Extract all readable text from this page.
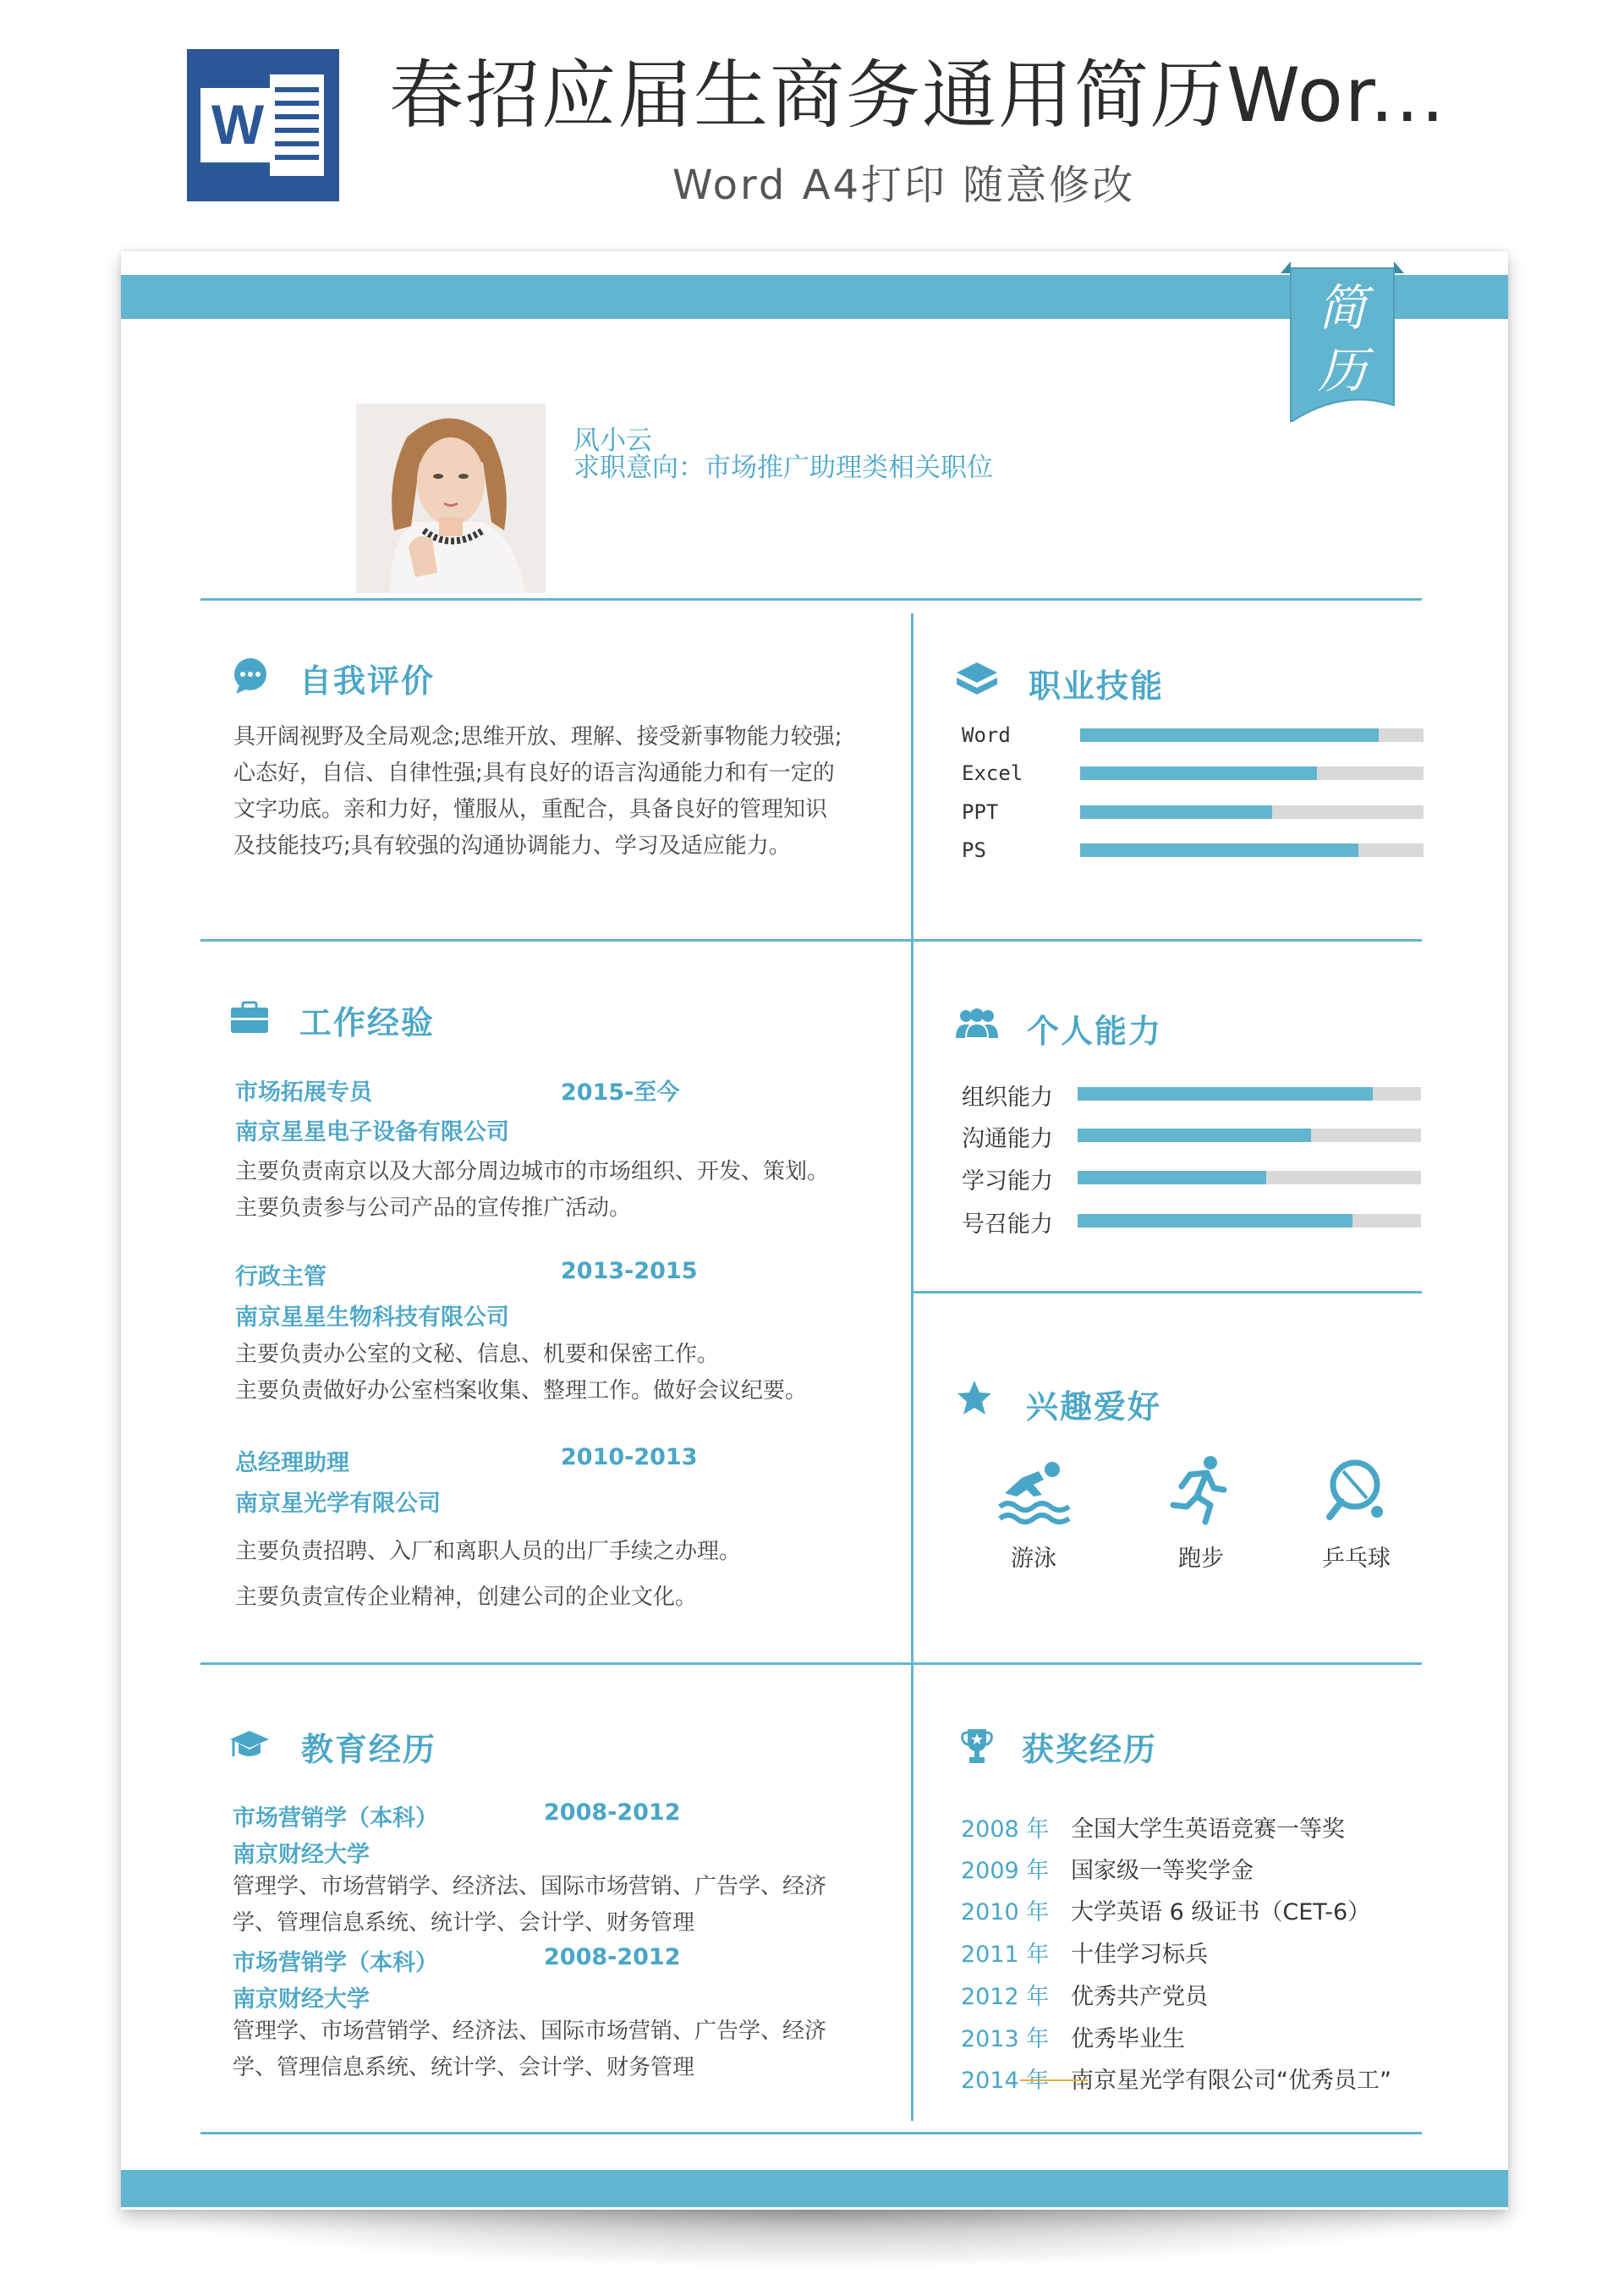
W 春招应届生商务通用简历Wor...
Word A4打印 随意修改
简
历
风小云
求职意向：市场推广助理类相关职位
自我评价
具开阔视野及全局观念;思维开放、理解、接受新事物能力较强;
心态好，自信、自律性强;具有良好的语言沟通能力和有一定的
文字功底。亲和力好，懂服从，重配合，具备良好的管理知识
及技能技巧;具有较强的沟通协调能力、学习及适应能力。
职业技能
Word
Excel
PPT
PS
工作经验
市场拓展专员	2015-至今
南京星星电子设备有限公司
主要负责南京以及大部分周边城市的市场组织、开发、策划。
主要负责参与公司产品的宣传推广活动。
行政主管	2013-2015
南京星星生物科技有限公司
主要负责办公室的文秘、信息、机要和保密工作。
主要负责做好办公室档案收集、整理工作。做好会议纪要。
总经理助理	2010-2013
南京星光学有限公司
主要负责招聘、入厂和离职人员的出厂手续之办理。
主要负责宣传企业精神，创建公司的企业文化。
个人能力
组织能力
沟通能力
学习能力
号召能力
兴趣爱好
游泳	跑步	乒乓球
教育经历
市场营销学（本科）	2008-2012
南京财经大学
管理学、市场营销学、经济法、国际市场营销、广告学、经济
学、管理信息系统、统计学、会计学、财务管理
市场营销学（本科）	2008-2012
南京财经大学
管理学、市场营销学、经济法、国际市场营销、广告学、经济
学、管理信息系统、统计学、会计学、财务管理
获奖经历
2008 年 全国大学生英语竞赛一等奖
2009 年 国家级一等奖学金
2010 年 大学英语 6 级证书（CET-6）
2011 年 十佳学习标兵
2012 年 优秀共产党员
2013 年 优秀毕业生
2014 年 南京星光学有限公司“优秀员工”
